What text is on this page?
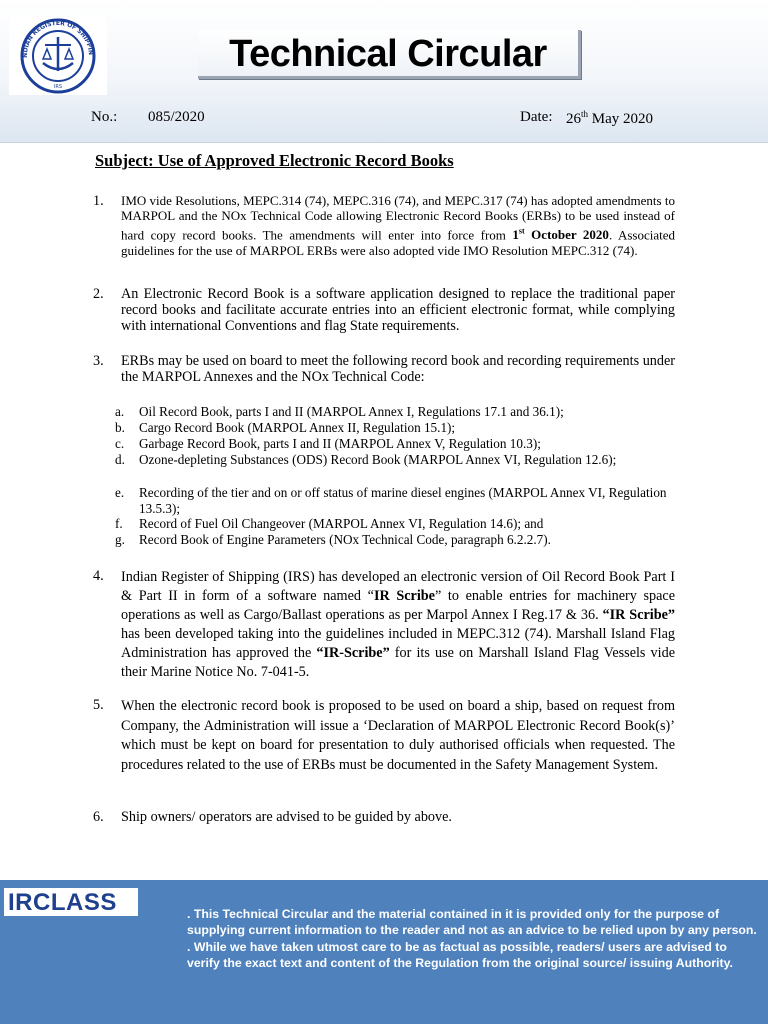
NDIAN REGISTER OF SHIPPIN
IRS
Technical Circular
No.: 085/2020	Date: 26th May 2020
Subject: Use of Approved Electronic Record Books
1. IMO vide Resolutions, MEPC.314 (74), MEPC.316 (74), and MEPC.317 (74) has adopted amendments to MARPOL and the NOx Technical Code allowing Electronic Record Books (ERBs) to be used instead of hard copy record books. The amendments will enter into force from 1st October 2020. Associated guidelines for the use of MARPOL ERBs were also adopted vide IMO Resolution MEPC.312 (74).
2. An Electronic Record Book is a software application designed to replace the traditional paper record books and facilitate accurate entries into an efficient electronic format, while complying with international Conventions and flag State requirements.
3. ERBs may be used on board to meet the following record book and recording requirements under the MARPOL Annexes and the NOx Technical Code:
a.	Oil Record Book, parts I and II (MARPOL Annex I, Regulations 17.1 and 36.1);
b.	Cargo Record Book (MARPOL Annex II, Regulation 15.1);
c.	Garbage Record Book, parts I and II (MARPOL Annex V, Regulation 10.3);
d.	Ozone-depleting Substances (ODS) Record Book (MARPOL Annex VI, Regulation 12.6);
e.	Recording of the tier and on or off status of marine diesel engines (MARPOL Annex VI, Regulation 13.5.3);
f.	Record of Fuel Oil Changeover (MARPOL Annex VI, Regulation 14.6); and
g.	Record Book of Engine Parameters (NOx Technical Code, paragraph 6.2.2.7).
4. Indian Register of Shipping (IRS) has developed an electronic version of Oil Record Book Part I & Part II in form of a software named “IR Scribe” to enable entries for machinery space operations as well as Cargo/Ballast operations as per Marpol Annex I Reg.17 & 36. “IR Scribe” has been developed taking into the guidelines included in MEPC.312 (74). Marshall Island Flag Administration has approved the “IR-Scribe” for its use on Marshall Island Flag Vessels vide their Marine Notice No. 7-041-5.
5. When the electronic record book is proposed to be used on board a ship, based on request from Company, the Administration will issue a ‘Declaration of MARPOL Electronic Record Book(s)’ which must be kept on board for presentation to duly authorised officials when requested. The procedures related to the use of ERBs must be documented in the Safety Management System.
6. Ship owners/ operators are advised to be guided by above.
IRCLASS	. This Technical Circular and the material contained in it is provided only for the purpose of supplying current information to the reader and not as an advice to be relied upon by any person.

. While we have taken utmost care to be as factual as possible, readers/ users are advised to verify the exact text and content of the Regulation from the original source/ issuing Authority.
